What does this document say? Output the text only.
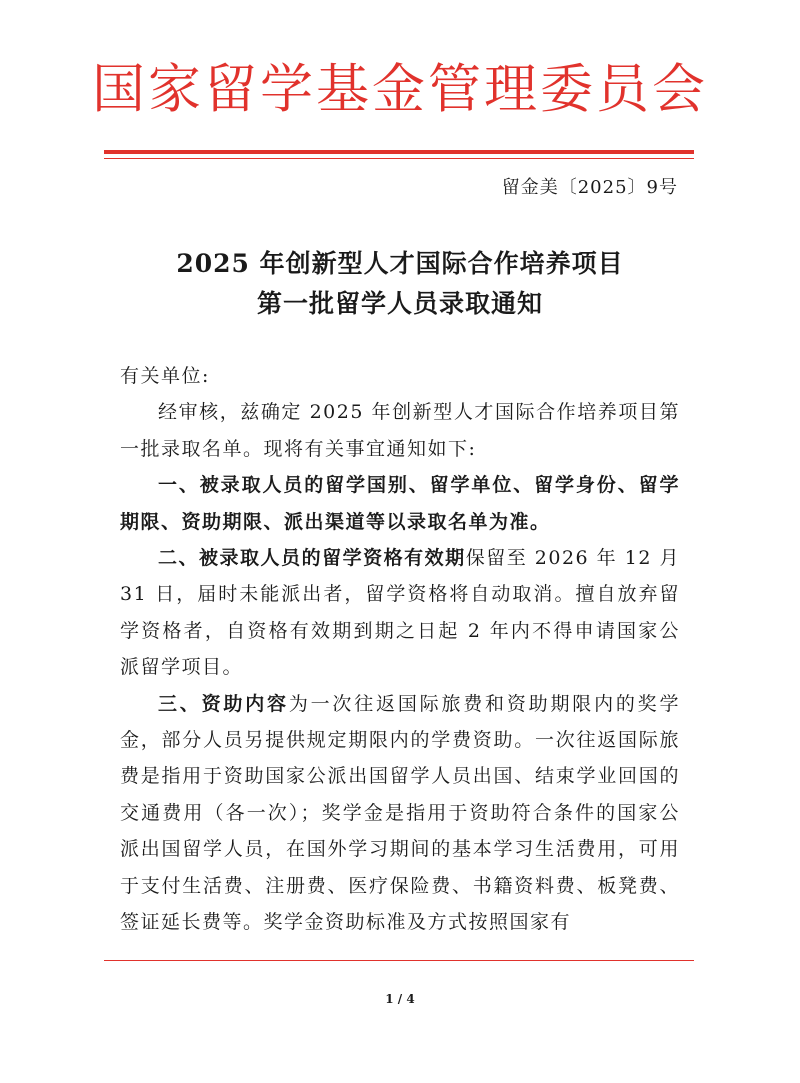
国家留学基金管理委员会
留金美〔2025〕9号
2025 年创新型人才国际合作培养项目
第一批留学人员录取通知

有关单位:

经审核，兹确定 2025 年创新型人才国际合作培养项目第一批录取名单。现将有关事宜通知如下:

一、被录取人员的留学国别、留学单位、留学身份、留学期限、资助期限、派出渠道等以录取名单为准。

二、被录取人员的留学资格有效期保留至 2026 年 12 月 31 日，届时未能派出者，留学资格将自动取消。擅自放弃留学资格者，自资格有效期到期之日起 2 年内不得申请国家公派留学项目。

三、资助内容为一次往返国际旅费和资助期限内的奖学金，部分人员另提供规定期限内的学费资助。一次往返国际旅费是指用于资助国家公派出国留学人员出国、结束学业回国的交通费用（各一次）；奖学金是指用于资助符合条件的国家公派出国留学人员，在国外学习期间的基本学习生活费用，可用于支付生活费、注册费、医疗保险费、书籍资料费、板凳费、签证延长费等。奖学金资助标准及方式按照国家有

1 / 4
